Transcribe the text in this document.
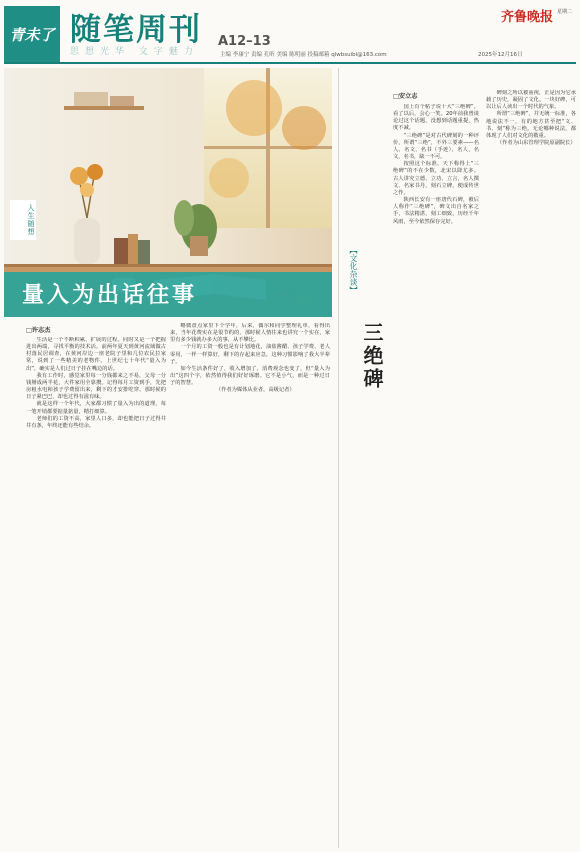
青未了 随笔周刊 A12–13
思想光华 文字魅力
齐鲁晚报 星期二
主编 李康宁 责编 孔昕 美编 陈明丽 投稿邮箱 qlwbsuibi@163.com	2025年12月16日
人生随想
量入为出话往事
□许志杰

生活是一个不断积累、扩展的过程。同时又是一个把握进出两端，寻找平衡的技术活。前两年夏天到黄河流域做古村落民居调查，在黄河岸边一座老院子里和几位农民拉家常，说到了一些精美的老物件。上世纪七十年代“量入为出”，确实是人们过日子挂在嘴边的话。

我有工作时，感觉家里每一分钱都来之不易，父母一分钱掰成两半花，大件家用全靠攒。记得每月工资到手，先把房租水电和孩子学费留出来，剩下的才安排吃穿。那时候的日子紧巴巴，却也过得有滋有味。

就是这样一个年代，大家都习惯了量入为出的道理，每一笔开销都要掂量掂量，精打细算。

老师们的工资不高，家里人口多，却也能把日子过得井井有条，年终还能有些结余。

略微盘点家里下个学年，后来，偶尔和同学整理礼单，看得出来，当年花费实在是很节约的，那时候人情往来也讲究一个实在，家里有多少钱就办多大的事，从不攀比。

一个月的工资一般也是有计划地花，油盐酱醋、孩子学费、老人零用，一样一样算好，剩下的存起来应急，这种习惯影响了我大半辈子。

如今生活条件好了，收入增加了，消费观念也变了，但“量入为出”这四个字，依然值得我们好好琢磨。它不是小气，而是一种过日子的智慧。

（作者为媒体从业者，高级记者）

【文化杂谈】
三绝碑
□安立志

国上有个帖子说十大“三绝碑”。看了以后，会心一笑。20年前我曾谈论过这个话题，没想到话题重提，热度不减。

“三绝碑”是对古代碑刻的一种评价，所谓“三绝”，不外三要素——名人、名文、名书（手迹），名人，名文，名书，缺一不可。

按照这个标准，天下称得上“三绝碑”的不在少数，北宋以降尤多。古人讲究立德、立功、立言，名人撰文、名家书丹，刻石立碑，便成传世之作。

陕西长安有一座唐代石碑，被后人称作“三绝碑”，碑文出自名家之手，书法精湛，刻工细致，历经千年风雨，至今依然保存完好。

碑刻之所以被重视，正是因为它承载了历史，凝固了文化。一块好碑，可以让后人读出一个时代的气象。

所谓“三绝碑”，并无统一标准，各地说法不一，有的地方甚至把“文、书、刻”称为三绝。无论哪种说法，都体现了人们对文化的敬重。

（作者为山东管理学院原副院长）
